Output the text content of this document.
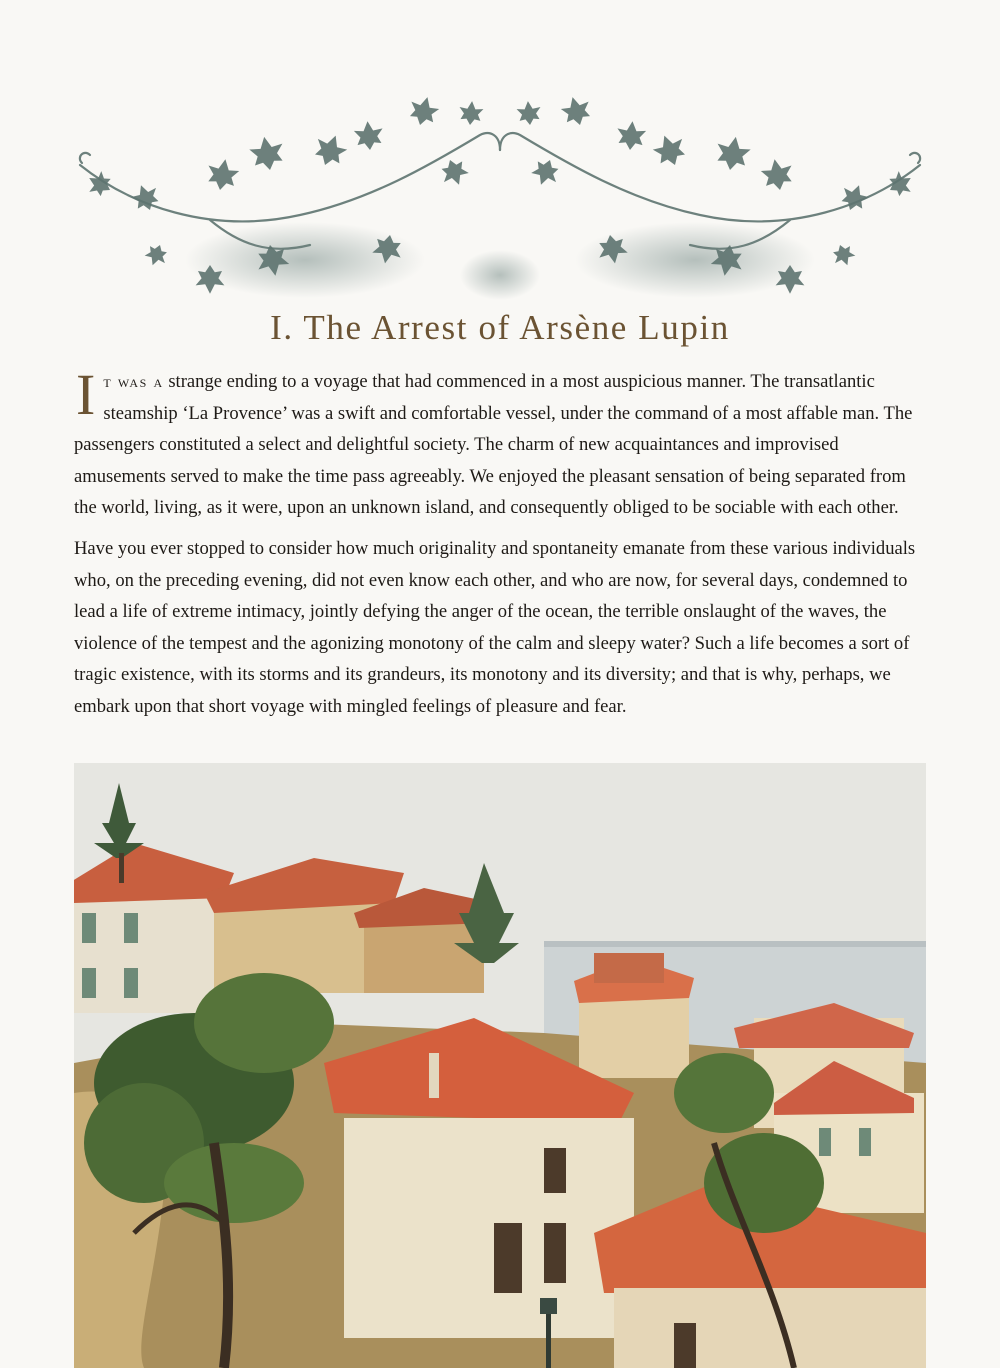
I. The Arrest of Arsène Lupin

It was a strange ending to a voyage that had commenced in a most auspicious manner. The transatlantic steamship ‘La Provence’ was a swift and comfortable vessel, under the command of a most affable man. The passengers constituted a select and delightful society. The charm of new acquaintances and improvised amusements served to make the time pass agreeably. We enjoyed the pleasant sensation of being separated from the world, living, as it were, upon an unknown island, and consequently obliged to be sociable with each other.

Have you ever stopped to consider how much originality and spontaneity emanate from these various individuals who, on the preceding evening, did not even know each other, and who are now, for several days, condemned to lead a life of extreme intimacy, jointly defying the anger of the ocean, the terrible onslaught of the waves, the violence of the tempest and the agonizing monotony of the calm and sleepy water? Such a life becomes a sort of tragic existence, with its storms and its grandeurs, its monotony and its diversity; and that is why, perhaps, we embark upon that short voyage with mingled feelings of pleasure and fear.
